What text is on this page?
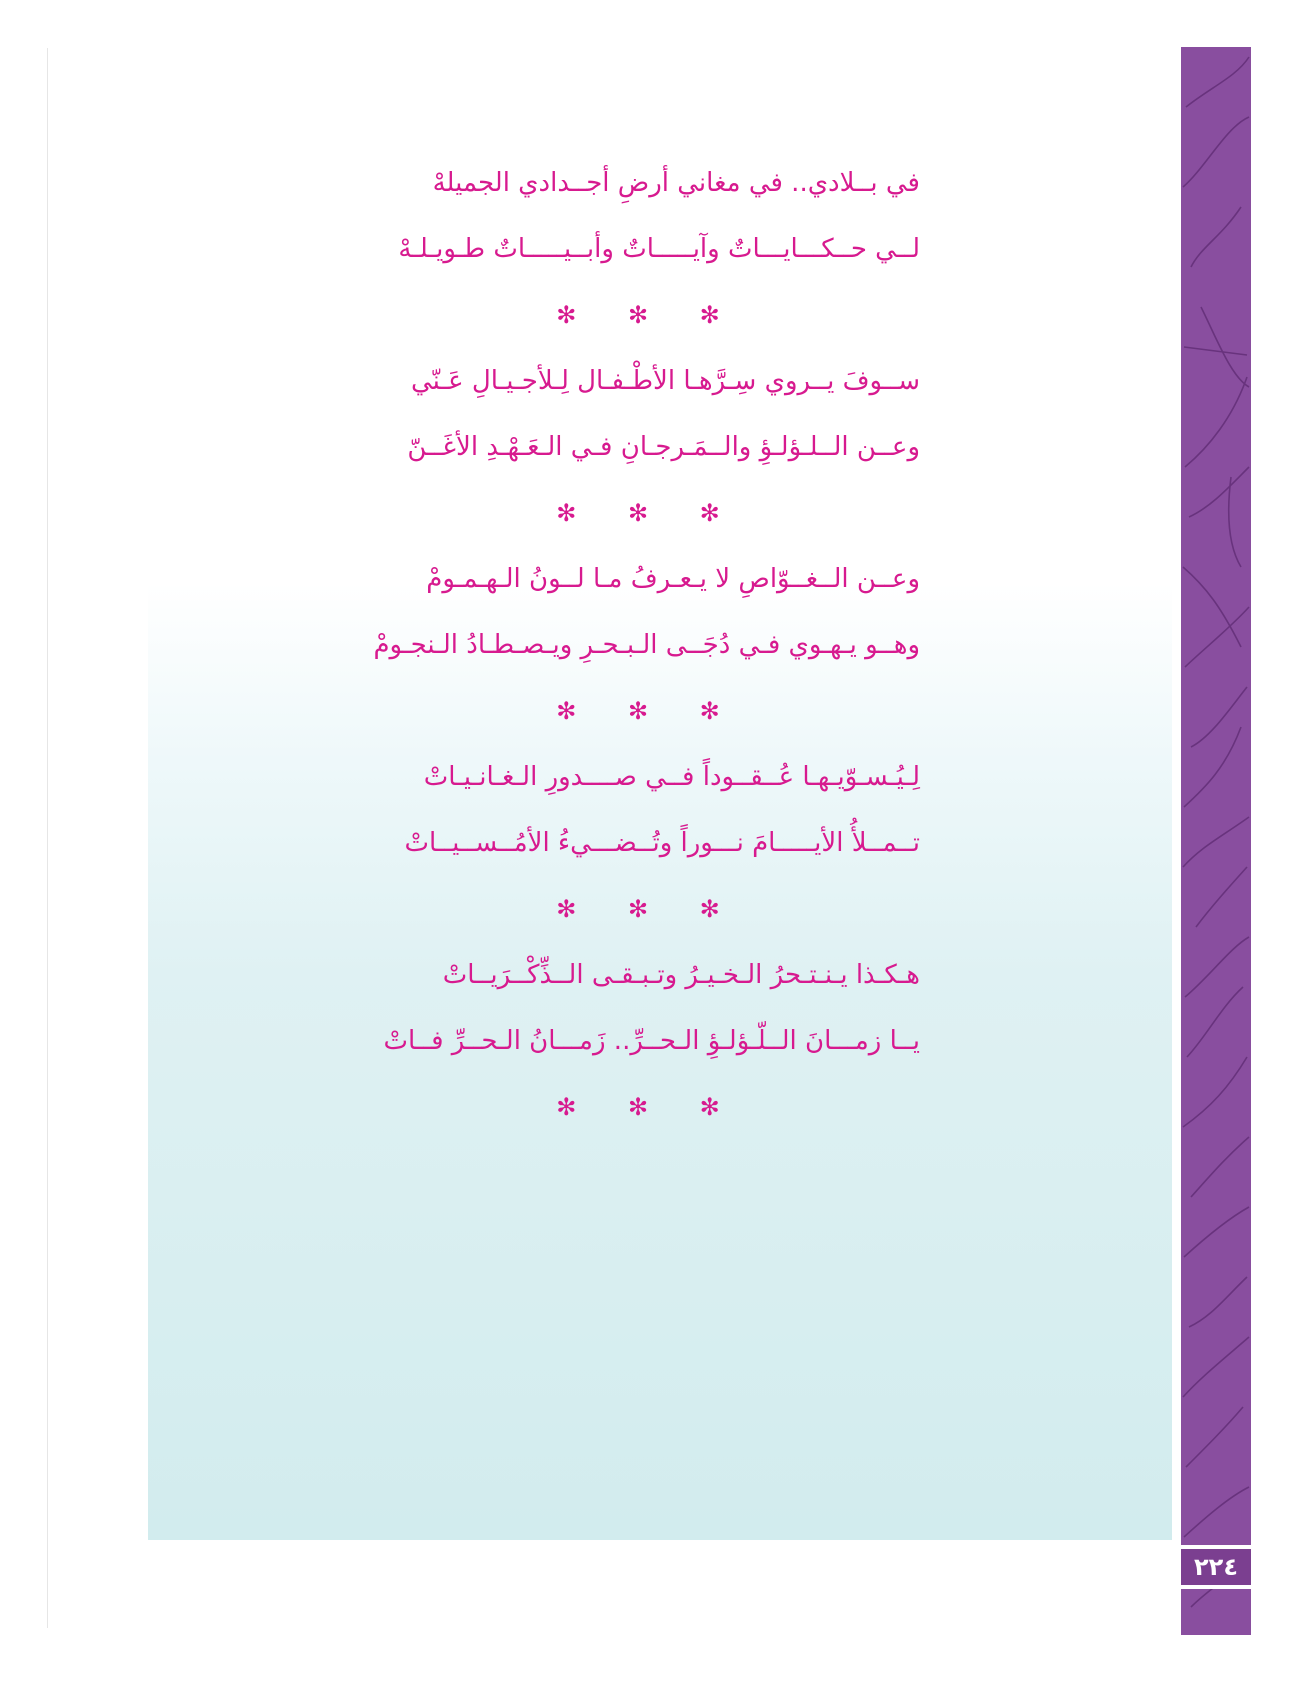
٢٢٤
في بــلادي.. في مغاني أرضِ أجــدادي الجميلهْ
لــي حــكـــايـــاتٌ وآيـــــاتٌ وأبــيـــــاتٌ طـويـلـهْ
✻ ✻ ✻
ســوفَ يــروي سِـرَّهـا الأطْـفـال لِـلأجـيـالِ عَـنّي
وعــن الــلـؤلـؤِ والــمَـرجـانِ فـي الـعَـهْـدِ الأغَــنّ
✻ ✻ ✻
وعــن الــغــوّاصِ لا يـعـرفُ مـا لــونُ الـهـمـومْ
وهــو يـهـوي فـي دُجَــى الـبـحـرِ ويـصـطـادُ الـنجـومْ
✻ ✻ ✻
لِـيُـسـوّيـهـا عُــقــوداً فــي صــــدورِ الـغـانـيـاتْ
تــمــلأُ الأيـــــامَ نـــوراً وتُــضـــيءُ الأمُــســيــاتْ
✻ ✻ ✻
هـكـذا يـنـتـحرُ الـخـيـرُ وتـبـقـى الــذِّكْــرَيــاتْ
يــا زمـــانَ الــلّـؤلـؤِ الـحــرِّ.. زَمـــانُ الـحــرِّ فــاتْ
✻ ✻ ✻
